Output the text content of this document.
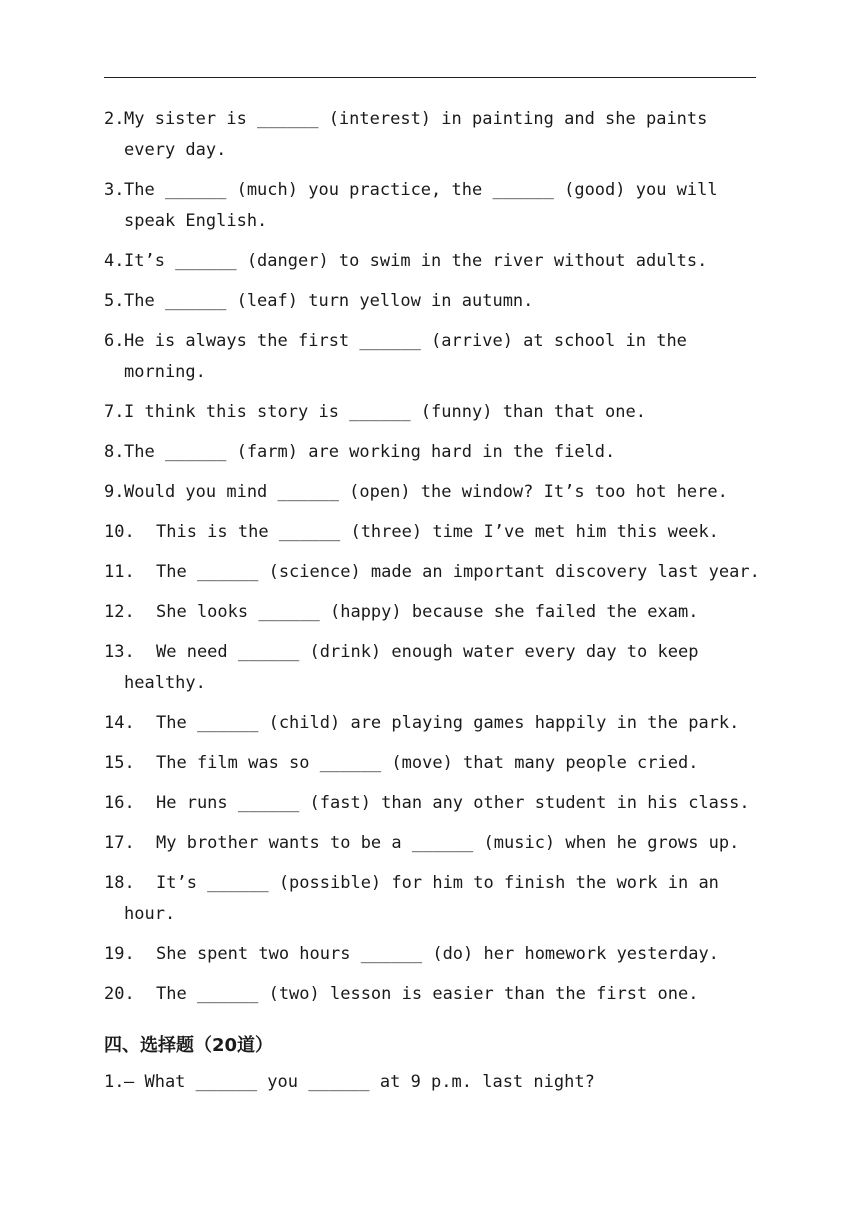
2.My sister is ______ (interest) in painting and she paints
every day.
3.The ______ (much) you practice, the ______ (good) you will
speak English.
4.It’s ______ (danger) to swim in the river without adults.
5.The ______ (leaf) turn yellow in autumn.
6.He is always the first ______ (arrive) at school in the
morning.
7.I think this story is ______ (funny) than that one.
8.The ______ (farm) are working hard in the field.
9.Would you mind ______ (open) the window? It’s too hot here.
10. This is the ______ (three) time I’ve met him this week.
11. The ______ (science) made an important discovery last year.
12. She looks ______ (happy) because she failed the exam.
13. We need ______ (drink) enough water every day to keep
healthy.
14. The ______ (child) are playing games happily in the park.
15. The film was so ______ (move) that many people cried.
16. He runs ______ (fast) than any other student in his class.
17. My brother wants to be a ______ (music) when he grows up.
18. It’s ______ (possible) for him to finish the work in an
hour.
19. She spent two hours ______ (do) her homework yesterday.
20. The ______ (two) lesson is easier than the first one.
四、选择题（20道）
1.— What ______ you ______ at 9 p.m. last night?
